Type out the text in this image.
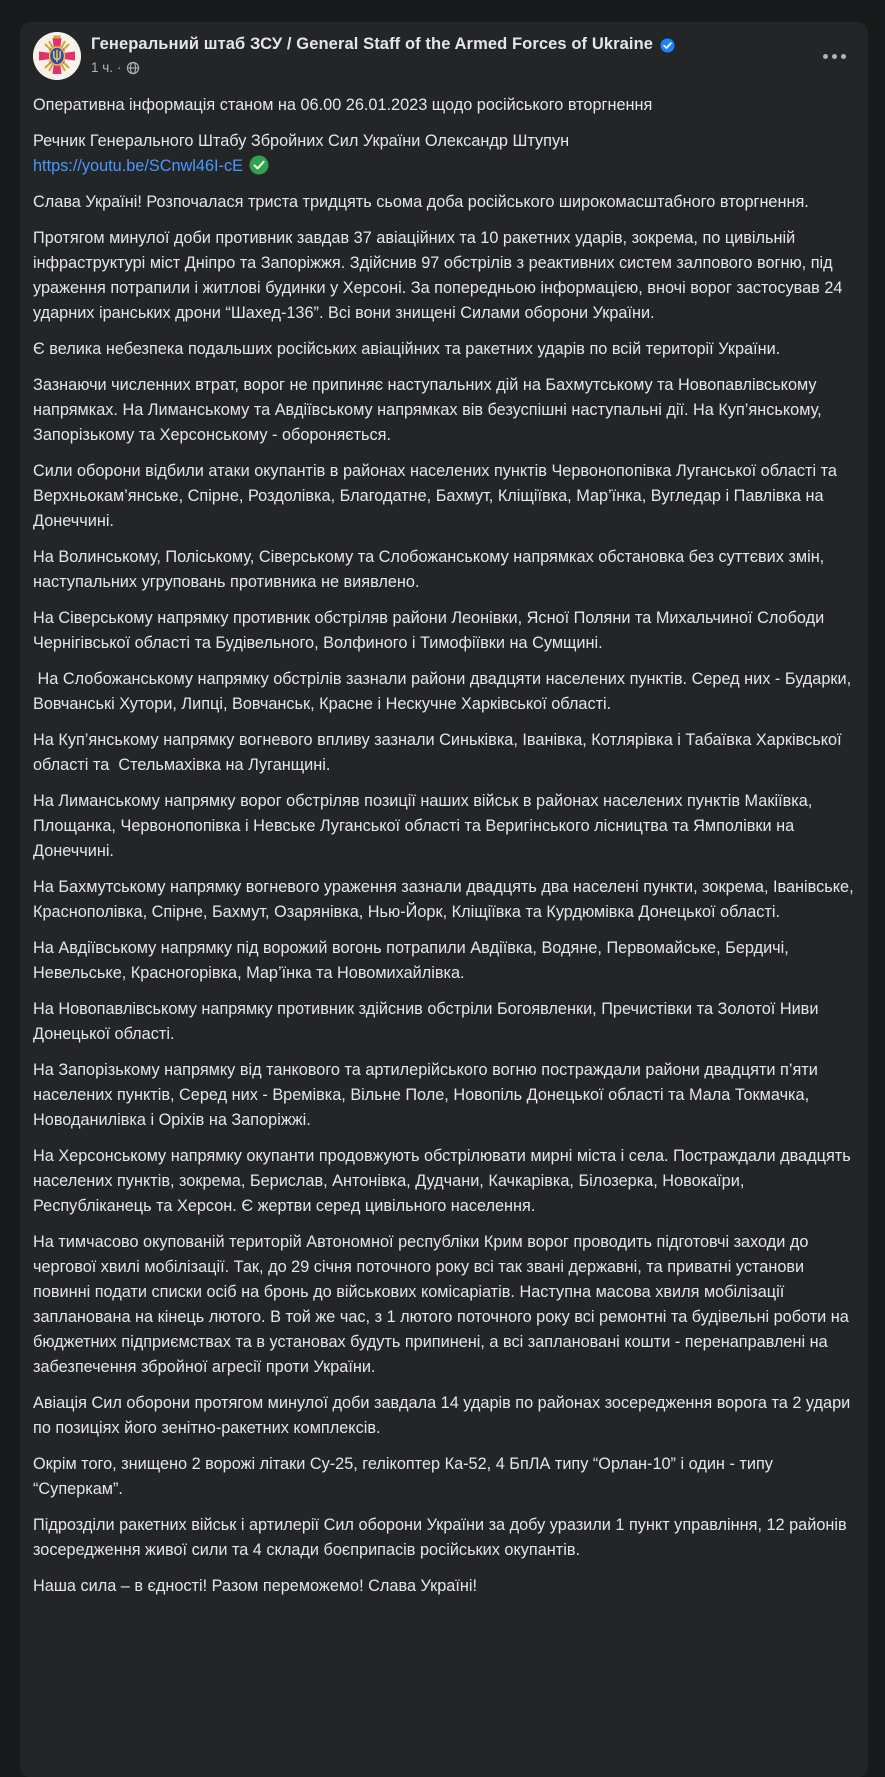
Генеральний штаб ЗСУ / General Staff of the Armed Forces of Ukraine
1 ч. ·

Оперативна інформація станом на 06.00 26.01.2023 щодо російського вторгнення

Речник Генерального Штабу Збройних Сил України Олександр Штупун
https://youtu.be/SCnwl46I-cE

Слава Україні! Розпочалася триста тридцять сьома доба російського широкомасштабного вторгнення.

Протягом минулої доби противник завдав 37 авіаційних та 10 ракетних ударів, зокрема, по цивільній інфраструктурі міст Дніпро та Запоріжжя. Здійснив 97 обстрілів з реактивних систем залпового вогню, під ураження потрапили і житлові будинки у Херсоні. За попередньою інформацією, вночі ворог застосував 24 ударних іранських дрони “Шахед-136”. Всі вони знищені Силами оборони України.

Є велика небезпека подальших російських авіаційних та ракетних ударів по всій території України.

Зазнаючи численних втрат, ворог не припиняє наступальних дій на Бахмутському та Новопавлівському напрямках. На Лиманському та Авдіївському напрямках вів безуспішні наступальні дії. На Куп’янському, Запорізькому та Херсонському - обороняється.

Сили оборони відбили атаки окупантів в районах населених пунктів Червонопопівка Луганської області та Верхньокам’янське, Спірне, Роздолівка, Благодатне, Бахмут, Кліщіївка, Мар’їнка, Вугледар і Павлівка на Донеччині.

На Волинському, Поліському, Сіверському та Слобожанському напрямках обстановка без суттєвих змін, наступальних угруповань противника не виявлено.

На Сіверському напрямку противник обстріляв райони Леонівки, Ясної Поляни та Михальчиної Слободи Чернігівської області та Будівельного, Волфиного і Тимофіївки на Сумщині.

На Слобожанському напрямку обстрілів зазнали райони двадцяти населених пунктів. Серед них - Бударки, Вовчанські Хутори, Липці, Вовчанськ, Красне і Нескучне Харківської області.

На Куп’янському напрямку вогневого впливу зазнали Синьківка, Іванівка, Котлярівка і Табаївка Харківської області та  Стельмахівка на Луганщині.

На Лиманському напрямку ворог обстріляв позиції наших військ в районах населених пунктів Макіївка, Площанка, Червонопопівка і Невське Луганської області та Веригінського лісництва та Ямполівки на Донеччині.

На Бахмутському напрямку вогневого ураження зазнали двадцять два населені пункти, зокрема, Іванівське, Краснополівка, Спірне, Бахмут, Озарянівка, Нью-Йорк, Кліщіївка та Курдюмівка Донецької області.

На Авдіївському напрямку під ворожий вогонь потрапили Авдіївка, Водяне, Первомайське, Бердичі, Невельське, Красногорівка, Мар’їнка та Новомихайлівка.

На Новопавлівському напрямку противник здійснив обстріли Богоявленки, Пречистівки та Золотої Ниви Донецької області.

На Запорізькому напрямку від танкового та артилерійського вогню постраждали райони двадцяти п’яти населених пунктів, Серед них - Времівка, Вільне Поле, Новопіль Донецької області та Мала Токмачка, Новоданилівка і Оріхів на Запоріжжі.

На Херсонському напрямку окупанти продовжують обстрілювати мирні міста і села. Постраждали двадцять населених пунктів, зокрема, Берислав, Антонівка, Дудчани, Качкарівка, Білозерка, Новокаїри, Республіканець та Херсон. Є жертви серед цивільного населення.

На тимчасово окупованій територій Автономної республіки Крим ворог проводить підготовчі заходи до чергової хвилі мобілізації. Так, до 29 січня поточного року всі так звані державні, та приватні установи повинні подати списки осіб на бронь до військових комісаріатів. Наступна масова хвиля мобілізації запланована на кінець лютого. В той же час, з 1 лютого поточного року всі ремонтні та будівельні роботи на бюджетних підприємствах та в установах будуть припинені, а всі заплановані кошти - перенаправлені на забезпечення збройної агресії проти України.

Авіація Сил оборони протягом минулої доби завдала 14 ударів по районах зосередження ворога та 2 удари по позиціях його зенітно-ракетних комплексів.

Окрім того, знищено 2 ворожі літаки Су-25, гелікоптер Ка-52, 4 БпЛА типу “Орлан-10” і один - типу “Суперкам”.

Підрозділи ракетних військ і артилерії Сил оборони України за добу уразили 1 пункт управління, 12 районів зосередження живої сили та 4 склади боєприпасів російських окупантів.

Наша сила – в єдності! Разом переможемо! Слава Україні!
